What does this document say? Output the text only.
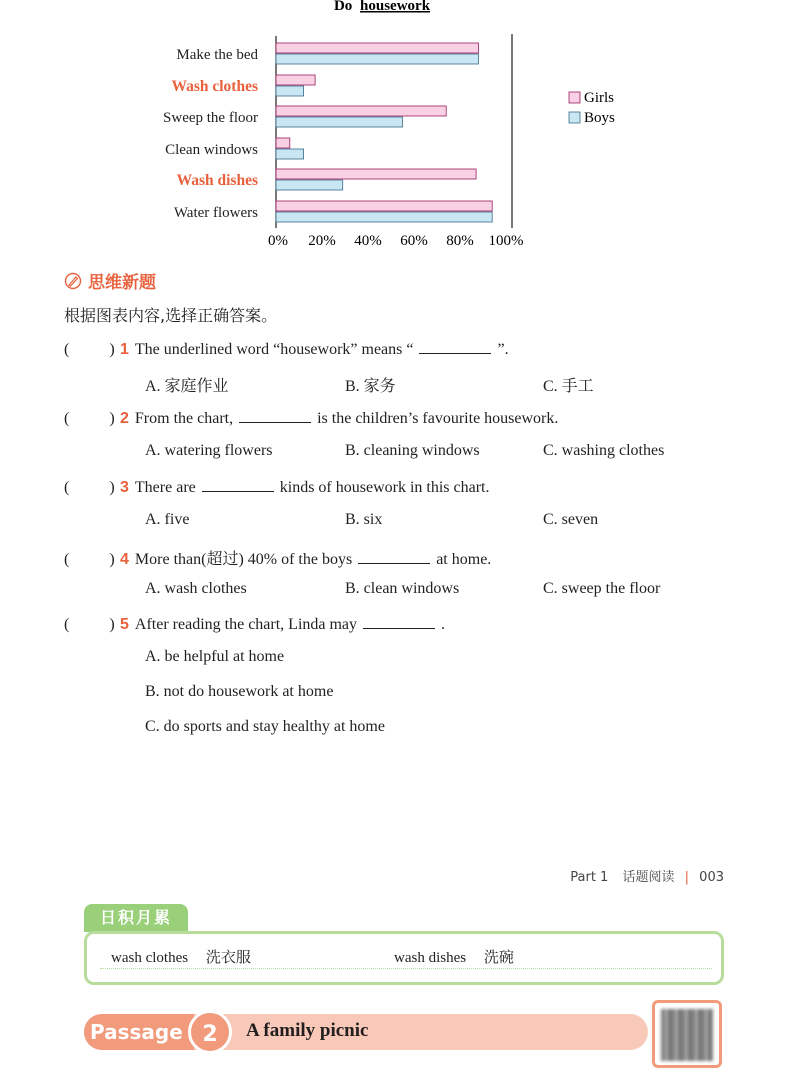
Do housework
Make the bed
Wash clothes
Sweep the floor
Clean windows
Wash dishes
Water flowers
0% 20% 40% 60% 80% 100%
Girls
Boys
思维新题
根据图表内容,选择正确答案。
(	) 1 The underlined word “housework” means “	”.
A. 家庭作业	B. 家务	C. 手工
(	) 2 From the chart,	is the children’s favourite housework.
A. watering flowers	B. cleaning windows	C. washing clothes
(	) 3 There are	kinds of housework in this chart.
A. five	B. six	C. seven
(	) 4 More than(超过) 40% of the boys	at home.
A. wash clothes	B. clean windows	C. sweep the floor
(	) 5 After reading the chart, Linda may	.
A. be helpful at home
B. not do housework at home
C. do sports and stay healthy at home
Part 1 话题阅读 | 003
日积月累
wash clothes 洗衣服	wash dishes 洗碗
Passage 2	A family picnic
